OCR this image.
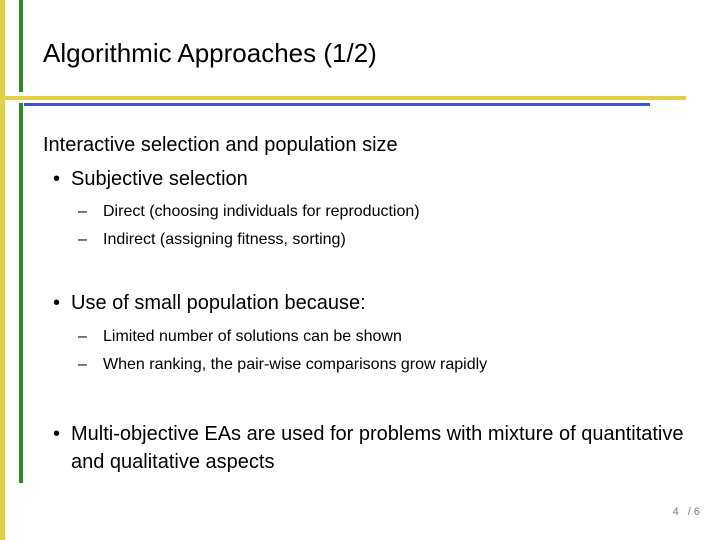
Algorithmic Approaches (1/2)
Interactive selection and population size
• Subjective selection
– Direct (choosing individuals for reproduction)
– Indirect (assigning fitness, sorting)
• Use of small population because:
– Limited number of solutions can be shown
– When ranking, the pair-wise comparisons grow rapidly
• Multi-objective EAs are used for problems with mixture of quantitative and qualitative aspects
4 / 6
